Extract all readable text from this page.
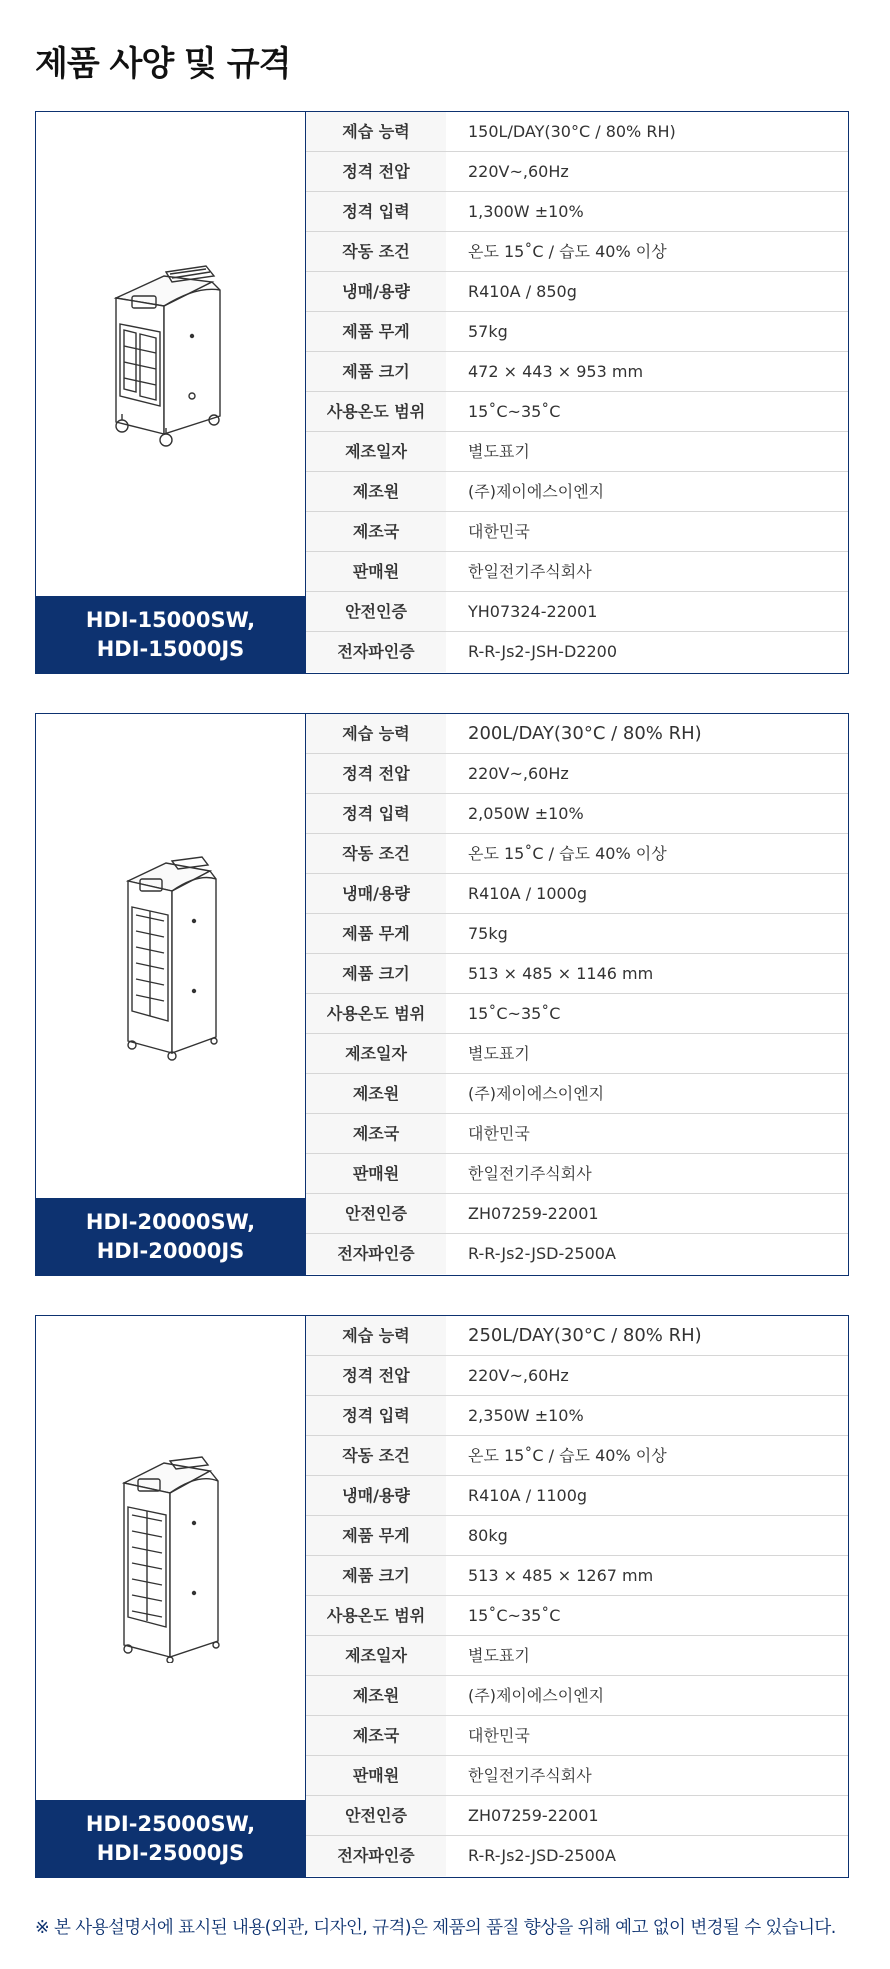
제품 사양 및 규격
HDI-15000SW,
HDI-15000JS
제습 능력	150L/DAY(30°C / 80% RH)
정격 전압	220V~,60Hz
정격 입력	1,300W ±10%
작동 조건	온도 15˚C / 습도 40% 이상
냉매/용량	R410A / 850g
제품 무게	57kg
제품 크기	472 × 443 × 953 mm
사용온도 범위	15˚C~35˚C
제조일자	별도표기
제조원	(주)제이에스이엔지
제조국	대한민국
판매원	한일전기주식회사
안전인증	YH07324-22001
전자파인증	R-R-Js2-JSH-D2200
HDI-20000SW,
HDI-20000JS
제습 능력	200L/DAY(30°C / 80% RH)
정격 전압	220V~,60Hz
정격 입력	2,050W ±10%
작동 조건	온도 15˚C / 습도 40% 이상
냉매/용량	R410A / 1000g
제품 무게	75kg
제품 크기	513 × 485 × 1146 mm
사용온도 범위	15˚C~35˚C
제조일자	별도표기
제조원	(주)제이에스이엔지
제조국	대한민국
판매원	한일전기주식회사
안전인증	ZH07259-22001
전자파인증	R-R-Js2-JSD-2500A
HDI-25000SW,
HDI-25000JS
제습 능력	250L/DAY(30°C / 80% RH)
정격 전압	220V~,60Hz
정격 입력	2,350W ±10%
작동 조건	온도 15˚C / 습도 40% 이상
냉매/용량	R410A / 1100g
제품 무게	80kg
제품 크기	513 × 485 × 1267 mm
사용온도 범위	15˚C~35˚C
제조일자	별도표기
제조원	(주)제이에스이엔지
제조국	대한민국
판매원	한일전기주식회사
안전인증	ZH07259-22001
전자파인증	R-R-Js2-JSD-2500A

※ 본 사용설명서에 표시된 내용(외관, 디자인, 규격)은 제품의 품질 향상을 위해 예고 없이 변경될 수 있습니다.
